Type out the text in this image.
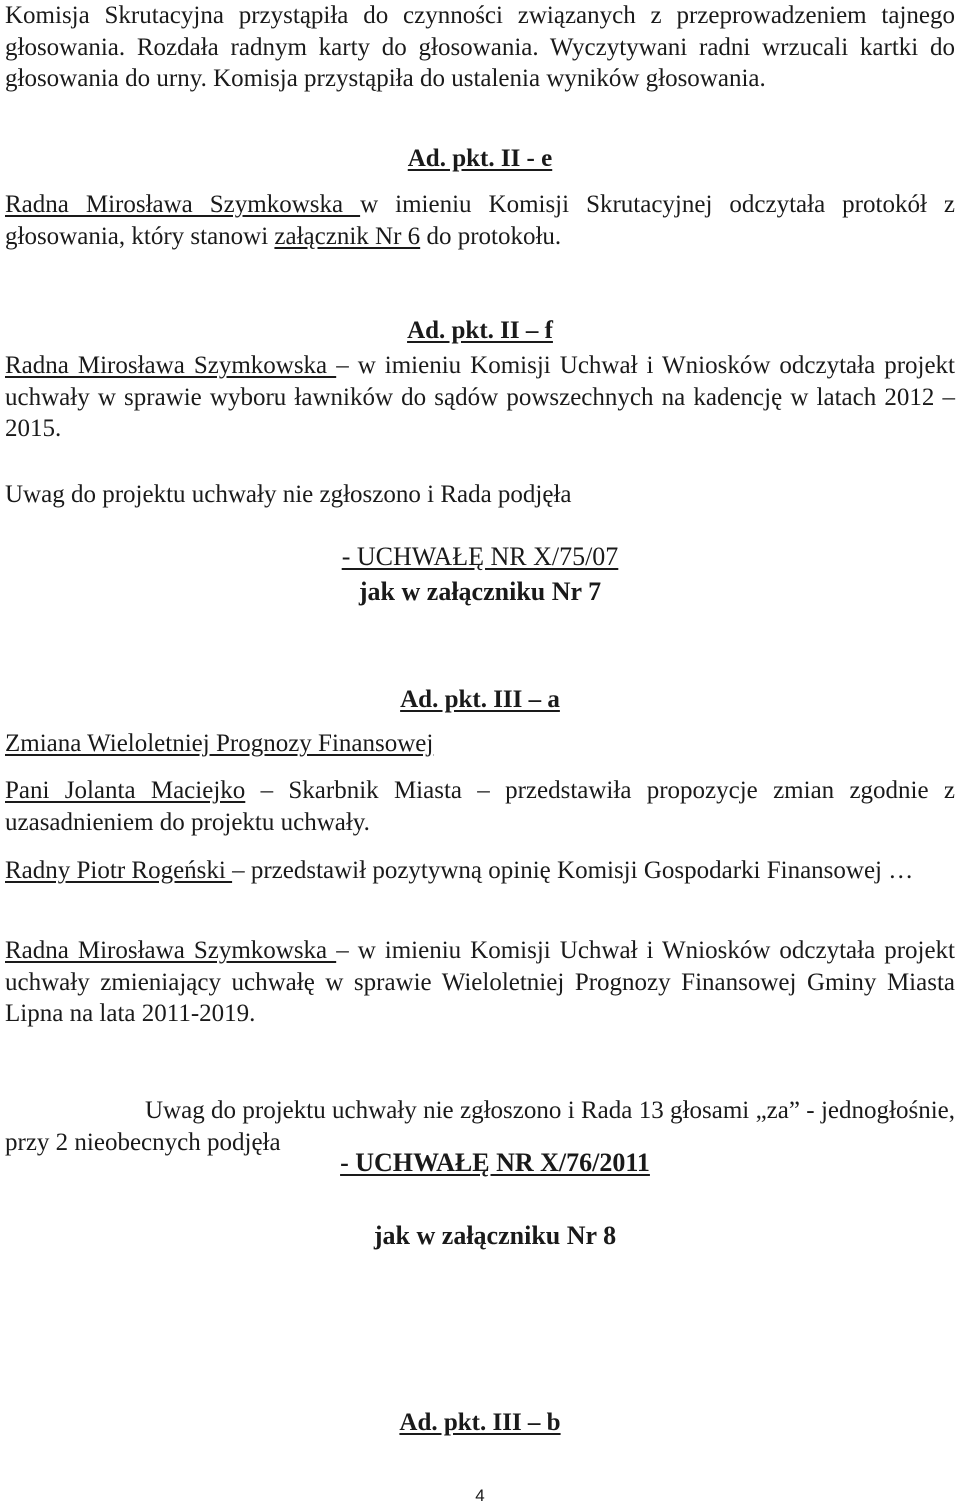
Komisja Skrutacyjna przystąpiła do czynności związanych z przeprowadzeniem tajnego głosowania. Rozdała radnym karty do głosowania. Wyczytywani radni wrzucali kartki do głosowania do urny. Komisja przystąpiła do ustalenia wyników głosowania.

Ad. pkt. II - e

Radna Mirosława Szymkowska w imieniu Komisji Skrutacyjnej odczytała protokół z głosowania, który stanowi załącznik Nr 6 do protokołu.

Ad. pkt. II – f

Radna Mirosława Szymkowska – w imieniu Komisji Uchwał i Wniosków odczytała projekt uchwały w sprawie wyboru ławników do sądów powszechnych na kadencję w latach 2012 – 2015.

Uwag do projektu uchwały nie zgłoszono i Rada podjęła

- UCHWAŁĘ NR X/75/07
jak w załączniku Nr 7
Ad. pkt. III – a
Zmiana Wieloletniej Prognozy Finansowej

Pani Jolanta Maciejko – Skarbnik Miasta – przedstawiła propozycje zmian zgodnie z uzasadnieniem do projektu uchwały.

Radny Piotr Rogeński – przedstawił pozytywną opinię Komisji Gospodarki Finansowej …

Radna Mirosława Szymkowska – w imieniu Komisji Uchwał i Wniosków odczytała projekt uchwały zmieniający uchwałę w sprawie Wieloletniej Prognozy Finansowej Gminy Miasta Lipna na lata 2011-2019.

Uwag do projektu uchwały nie zgłoszono i Rada 13 głosami „za” - jednogłośnie, przy 2 nieobecnych podjęła

- UCHWAŁĘ NR X/76/2011
jak w załączniku Nr 8
Ad. pkt. III – b
4
